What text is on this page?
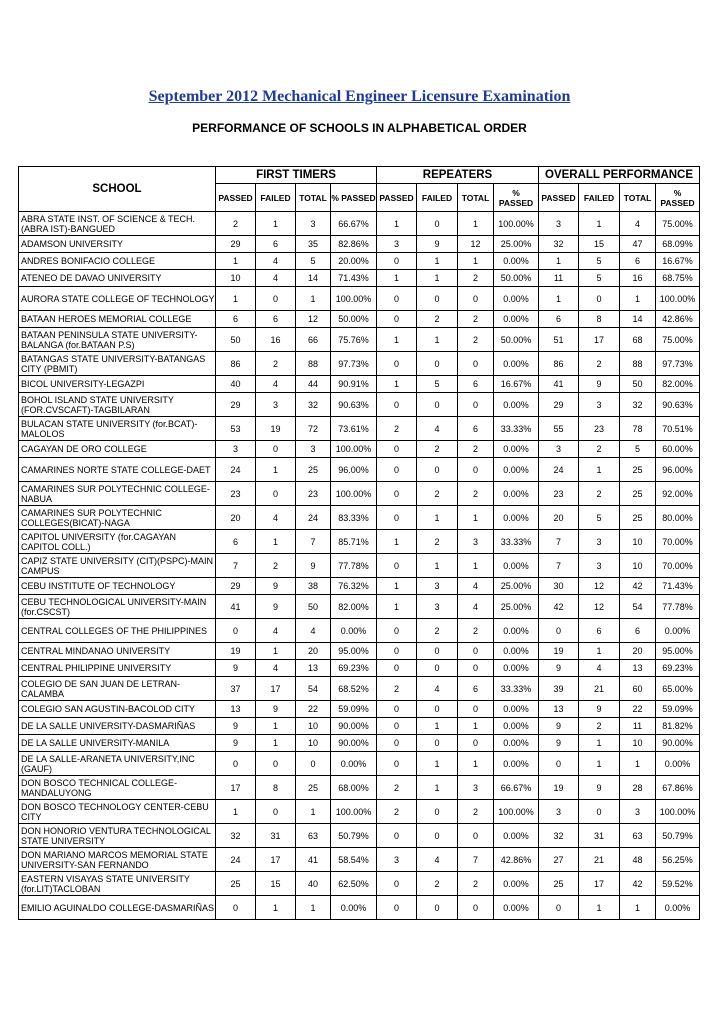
September 2012 Mechanical Engineer Licensure Examination
PERFORMANCE OF SCHOOLS IN ALPHABETICAL ORDER
SCHOOL	FIRST TIMERS				REPEATERS				OVERALL PERFORMANCE			
	PASSED	FAILED	TOTAL	% PASSED	PASSED	FAILED	TOTAL	% PASSED	PASSED	FAILED	TOTAL	% PASSED
ABRA STATE INST. OF SCIENCE & TECH.(ABRA IST)-BANGUED	2	1	3	66.67%	1	0	1	100.00%	3	1	4	75.00%
ADAMSON UNIVERSITY	29	6	35	82.86%	3	9	12	25.00%	32	15	47	68.09%
ANDRES BONIFACIO COLLEGE	1	4	5	20.00%	0	1	1	0.00%	1	5	6	16.67%
ATENEO DE DAVAO UNIVERSITY	10	4	14	71.43%	1	1	2	50.00%	11	5	16	68.75%
AURORA STATE COLLEGE OF TECHNOLOGY	1	0	1	100.00%	0	0	0	0.00%	1	0	1	100.00%
BATAAN HEROES MEMORIAL COLLEGE	6	6	12	50.00%	0	2	2	0.00%	6	8	14	42.86%
BATAAN PENINSULA STATE UNIVERSITY-BALANGA (for.BATAAN P.S)	50	16	66	75.76%	1	1	2	50.00%	51	17	68	75.00%
BATANGAS STATE UNIVERSITY-BATANGAS CITY (PBMIT)	86	2	88	97.73%	0	0	0	0.00%	86	2	88	97.73%
BICOL UNIVERSITY-LEGAZPI	40	4	44	90.91%	1	5	6	16.67%	41	9	50	82.00%
BOHOL ISLAND STATE UNIVERSITY (FOR.CVSCAFT)-TAGBILARAN	29	3	32	90.63%	0	0	0	0.00%	29	3	32	90.63%
BULACAN STATE UNIVERSITY (for.BCAT)-MALOLOS	53	19	72	73.61%	2	4	6	33.33%	55	23	78	70.51%
CAGAYAN DE ORO COLLEGE	3	0	3	100.00%	0	2	2	0.00%	3	2	5	60.00%
CAMARINES NORTE STATE COLLEGE-DAET	24	1	25	96.00%	0	0	0	0.00%	24	1	25	96.00%
CAMARINES SUR POLYTECHNIC COLLEGE-NABUA	23	0	23	100.00%	0	2	2	0.00%	23	2	25	92.00%
CAMARINES SUR POLYTECHNIC COLLEGES(BICAT)-NAGA	20	4	24	83.33%	0	1	1	0.00%	20	5	25	80.00%
CAPITOL UNIVERSITY (for.CAGAYAN CAPITOL COLL.)	6	1	7	85.71%	1	2	3	33.33%	7	3	10	70.00%
CAPIZ STATE UNIVERSITY (CIT)(PSPC)-MAIN CAMPUS	7	2	9	77.78%	0	1	1	0.00%	7	3	10	70.00%
CEBU INSTITUTE OF TECHNOLOGY	29	9	38	76.32%	1	3	4	25.00%	30	12	42	71.43%
CEBU TECHNOLOGICAL UNIVERSITY-MAIN (for.CSCST)	41	9	50	82.00%	1	3	4	25.00%	42	12	54	77.78%
CENTRAL COLLEGES OF THE PHILIPPINES	0	4	4	0.00%	0	2	2	0.00%	0	6	6	0.00%
CENTRAL MINDANAO UNIVERSITY	19	1	20	95.00%	0	0	0	0.00%	19	1	20	95.00%
CENTRAL PHILIPPINE UNIVERSITY	9	4	13	69.23%	0	0	0	0.00%	9	4	13	69.23%
COLEGIO DE SAN JUAN DE LETRAN-CALAMBA	37	17	54	68.52%	2	4	6	33.33%	39	21	60	65.00%
COLEGIO SAN AGUSTIN-BACOLOD CITY	13	9	22	59.09%	0	0	0	0.00%	13	9	22	59.09%
DE LA SALLE UNIVERSITY-DASMARIÑAS	9	1	10	90.00%	0	1	1	0.00%	9	2	11	81.82%
DE LA SALLE UNIVERSITY-MANILA	9	1	10	90.00%	0	0	0	0.00%	9	1	10	90.00%
DE LA SALLE-ARANETA UNIVERSITY,INC (GAUF)	0	0	0	0.00%	0	1	1	0.00%	0	1	1	0.00%
DON BOSCO TECHNICAL COLLEGE-MANDALUYONG	17	8	25	68.00%	2	1	3	66.67%	19	9	28	67.86%
DON BOSCO TECHNOLOGY CENTER-CEBU CITY	1	0	1	100.00%	2	0	2	100.00%	3	0	3	100.00%
DON HONORIO VENTURA TECHNOLOGICAL STATE UNIVERSITY	32	31	63	50.79%	0	0	0	0.00%	32	31	63	50.79%
DON MARIANO MARCOS MEMORIAL STATE UNIVERSITY-SAN FERNANDO	24	17	41	58.54%	3	4	7	42.86%	27	21	48	56.25%
EASTERN VISAYAS STATE UNIVERSITY (for.LIT)TACLOBAN	25	15	40	62.50%	0	2	2	0.00%	25	17	42	59.52%
EMILIO AGUINALDO COLLEGE-DASMARIÑAS	0	1	1	0.00%	0	0	0	0.00%	0	1	1	0.00%
